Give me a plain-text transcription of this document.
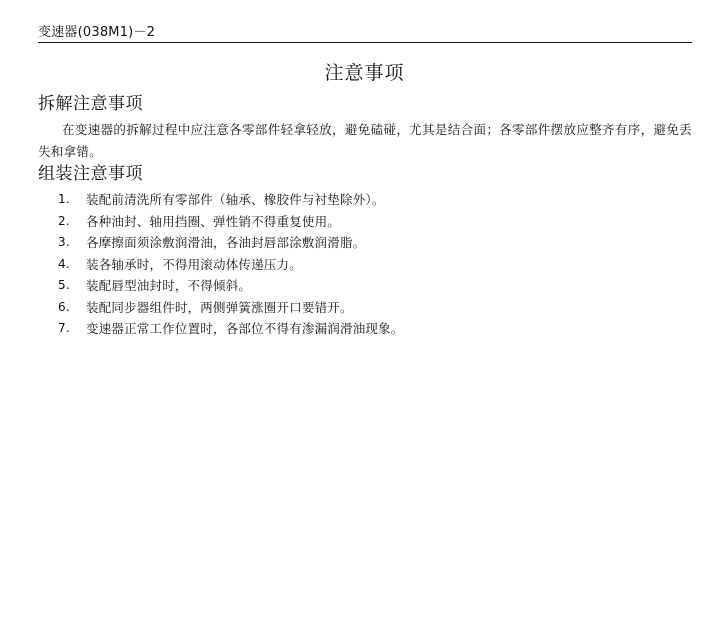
变速器(038M1)－2
注意事项
拆解注意事项
在变速器的拆解过程中应注意各零部件轻拿轻放，避免磕碰，尤其是结合面；各零部件摆放应整齐有序，避免丢失和拿错。
组装注意事项
1.	装配前清洗所有零部件（轴承、橡胶件与衬垫除外）。
2.	各种油封、轴用挡圈、弹性销不得重复使用。
3.	各摩擦面须涂敷润滑油，各油封唇部涂敷润滑脂。
4.	装各轴承时，不得用滚动体传递压力。
5.	装配唇型油封时，不得倾斜。
6.	装配同步器组件时，两侧弹簧涨圈开口要错开。
7.	变速器正常工作位置时，各部位不得有渗漏润滑油现象。
